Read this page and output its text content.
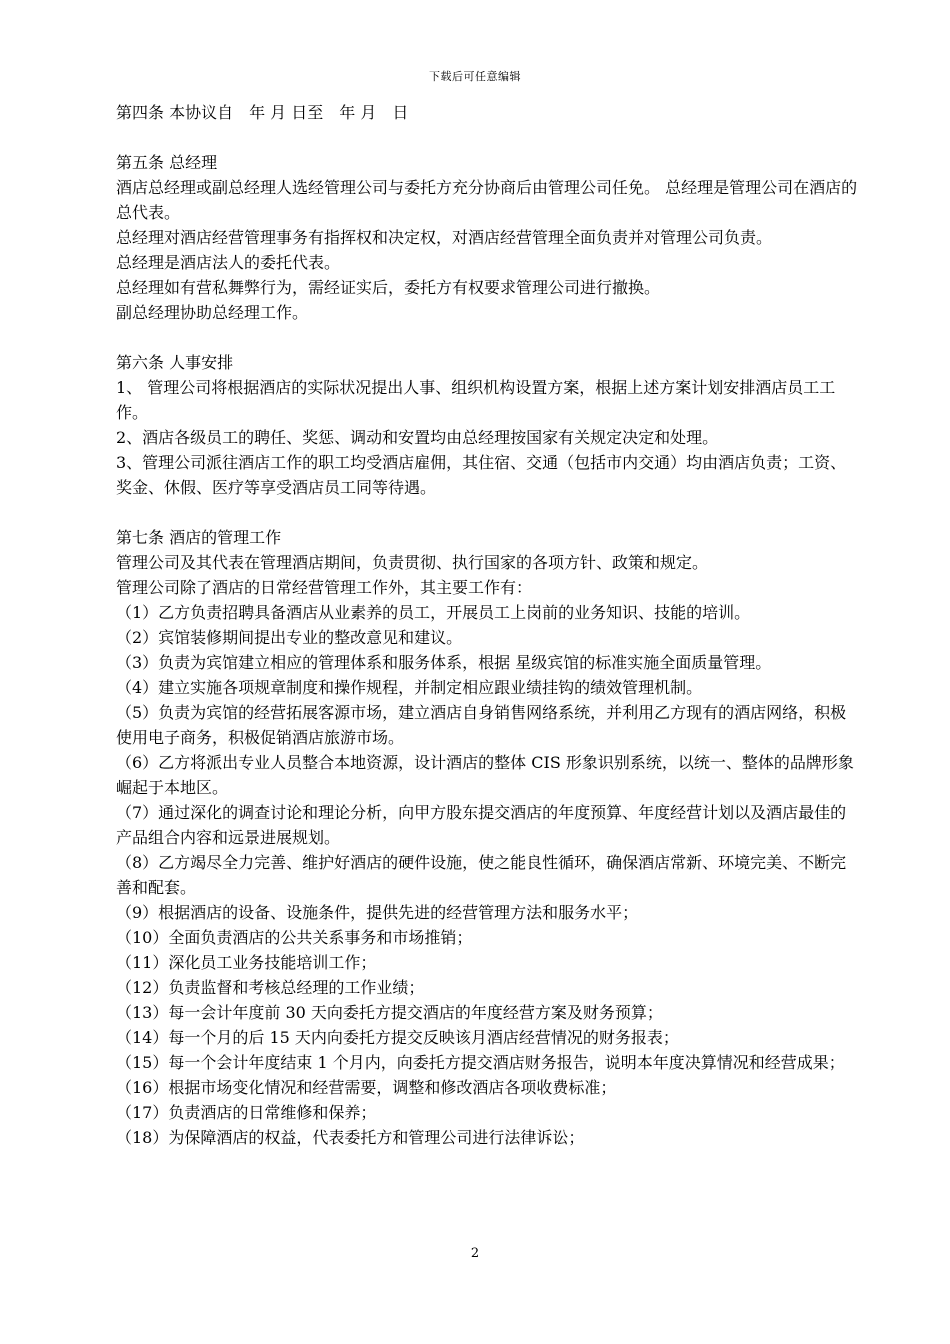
下载后可任意编辑

第四条 本协议自　年 月 日至　年 月　日

第五条 总经理

酒店总经理或副总经理人选经管理公司与委托方充分协商后由管理公司任免。 总经理是管理公司在酒店的总代表。

总经理对酒店经营管理事务有指挥权和决定权，对酒店经营管理全面负责并对管理公司负责。

总经理是酒店法人的委托代表。

总经理如有营私舞弊行为，需经证实后，委托方有权要求管理公司进行撤换。

副总经理协助总经理工作。

第六条 人事安排

1、 管理公司将根据酒店的实际状况提出人事、组织机构设置方案，根据上述方案计划安排酒店员工工作。

2、酒店各级员工的聘任、奖惩、调动和安置均由总经理按国家有关规定决定和处理。

3、管理公司派往酒店工作的职工均受酒店雇佣，其住宿、交通（包括市内交通）均由酒店负责；工资、奖金、休假、医疗等享受酒店员工同等待遇。

第七条 酒店的管理工作

管理公司及其代表在管理酒店期间，负责贯彻、执行国家的各项方针、政策和规定。

管理公司除了酒店的日常经营管理工作外，其主要工作有：

（1）乙方负责招聘具备酒店从业素养的员工，开展员工上岗前的业务知识、技能的培训。

（2）宾馆装修期间提出专业的整改意见和建议。

（3）负责为宾馆建立相应的管理体系和服务体系，根据 星级宾馆的标准实施全面质量管理。

（4）建立实施各项规章制度和操作规程，并制定相应跟业绩挂钩的绩效管理机制。

（5）负责为宾馆的经营拓展客源市场，建立酒店自身销售网络系统，并利用乙方现有的酒店网络，积极使用电子商务，积极促销酒店旅游市场。

（6）乙方将派出专业人员整合本地资源，设计酒店的整体 CIS 形象识别系统，以统一、整体的品牌形象崛起于本地区。

（7）通过深化的调查讨论和理论分析，向甲方股东提交酒店的年度预算、年度经营计划以及酒店最佳的产品组合内容和远景进展规划。

（8）乙方竭尽全力完善、维护好酒店的硬件设施，使之能良性循环，确保酒店常新、环境完美、不断完善和配套。

（9）根据酒店的设备、设施条件，提供先进的经营管理方法和服务水平；

（10）全面负责酒店的公共关系事务和市场推销；

（11）深化员工业务技能培训工作；

（12）负责监督和考核总经理的工作业绩；

（13）每一会计年度前 30 天向委托方提交酒店的年度经营方案及财务预算；

（14）每一个月的后 15 天内向委托方提交反映该月酒店经营情况的财务报表；

（15）每一个会计年度结束 1 个月内，向委托方提交酒店财务报告，说明本年度决算情况和经营成果；

（16）根据市场变化情况和经营需要，调整和修改酒店各项收费标准；

（17）负责酒店的日常维修和保养；

（18）为保障酒店的权益，代表委托方和管理公司进行法律诉讼；

2
